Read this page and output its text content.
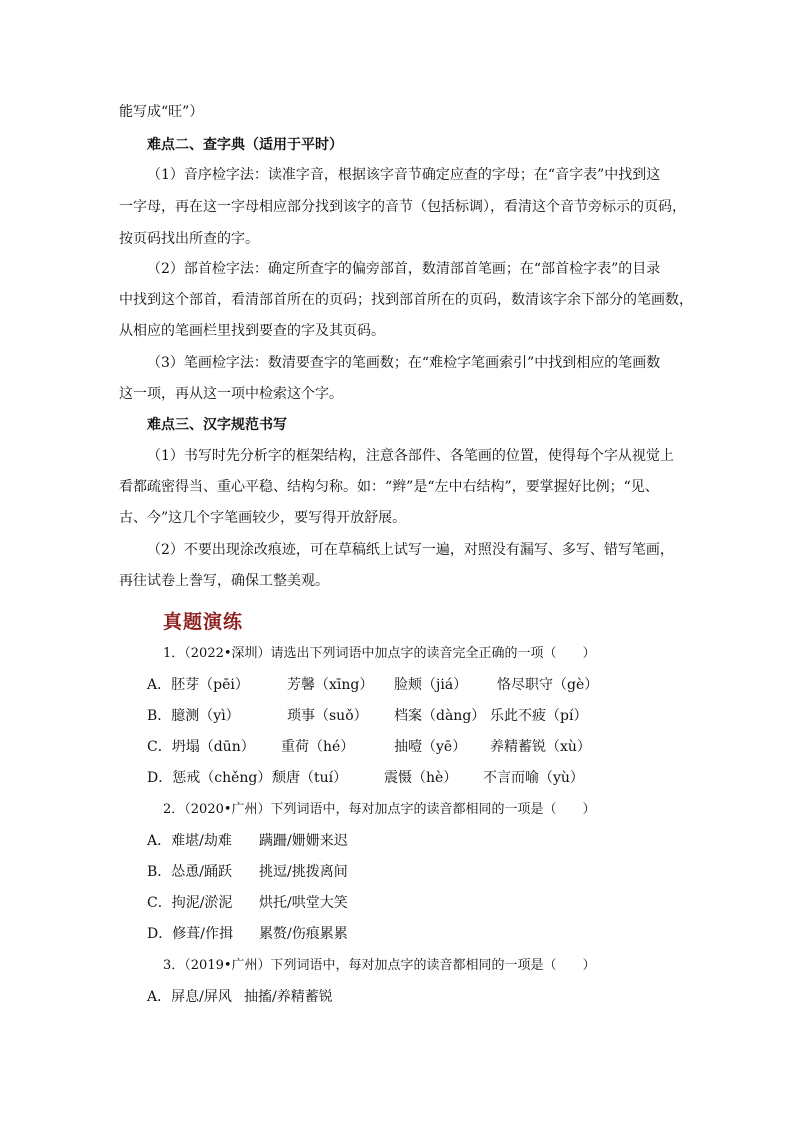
能写成“旺”）
难点二、查字典（适用于平时）
（1）音序检字法：读准字音，根据该字音节确定应查的字母；在“音字表”中找到这
一字母，再在这一字母相应部分找到该字的音节（包括标调），看清这个音节旁标示的页码，
按页码找出所查的字。
（2）部首检字法：确定所查字的偏旁部首，数清部首笔画；在“部首检字表”的目录
中找到这个部首，看清部首所在的页码；找到部首所在的页码，数清该字余下部分的笔画数，
从相应的笔画栏里找到要查的字及其页码。
（3）笔画检字法：数清要查字的笔画数；在“难检字笔画索引”中找到相应的笔画数
这一项，再从这一项中检索这个字。
难点三、汉字规范书写
（1）书写时先分析字的框架结构，注意各部件、各笔画的位置，使得每个字从视觉上
看都疏密得当、重心平稳、结构匀称。如：“辫”是“左中右结构”，要掌握好比例；“见、
古、今”这几个字笔画较少，要写得开放舒展。
（2）不要出现涂改痕迹，可在草稿纸上试写一遍，对照没有漏写、多写、错写笔画，
再往试卷上誊写，确保工整美观。
真题演练
1．（2022•深圳）请选出下列词语中加点字的读音完全正确的一项（　　）
A．胚芽（pēi）	芳馨（xīng） 脸颊（jiá） 恪尽职守（gè）
B．臆测（yì）	琐事（suǒ） 档案（dàng） 乐此不疲（pí）
C．坍塌（dūn） 重荷（hé）	抽噎（yē） 养精蓄锐（xù）
D．惩戒（chěng） 颓唐（tuí）	震慑（hè） 不言而喻（yù）
2．（2020•广州）下列词语中，每对加点字的读音都相同的一项是（　　）
A．难堪/劫难 蹒跚/姗姗来迟
B．怂恿/踊跃 挑逗/挑拨离间
C．拘泥/淤泥 烘托/哄堂大笑
D．修葺/作揖 累赘/伤痕累累
3．（2019•广州）下列词语中，每对加点字的读音都相同的一项是（　　）
A．屏息/屏风 抽搐/养精蓄锐
